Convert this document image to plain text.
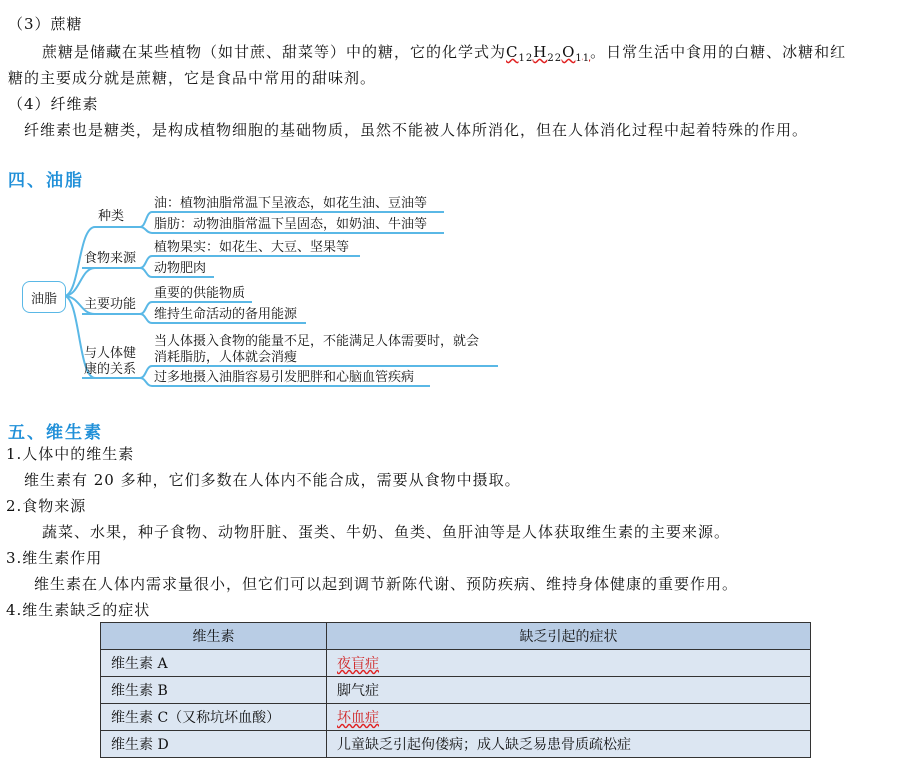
（3）蔗糖
蔗糖是储藏在某些植物（如甘蔗、甜菜等）中的糖，它的化学式为$C_{12}H_{22}O_{11}$。日常生活中食用的白糖、冰糖和红
糖的主要成分就是蔗糖，它是食品中常用的甜味剂。
（4）纤维素
纤维素也是糖类，是构成植物细胞的基础物质，虽然不能被人体所消化，但在人体消化过程中起着特殊的作用。
四、油脂
油脂
种类
油：植物油脂常温下呈液态，如花生油、豆油等
脂肪：动物油脂常温下呈固态，如奶油、牛油等
食物来源
植物果实：如花生、大豆、坚果等
动物肥肉
主要功能
重要的供能物质
维持生命活动的备用能源
与人体健
康的关系
当人体摄入食物的能量不足，不能满足人体需要时，就会
消耗脂肪，人体就会消瘦
过多地摄入油脂容易引发肥胖和心脑血管疾病
五、维生素
1.人体中的维生素
维生素有 20 多种，它们多数在人体内不能合成，需要从食物中摄取。
2.食物来源
蔬菜、水果，种子食物、动物肝脏、蛋类、牛奶、鱼类、鱼肝油等是人体获取维生素的主要来源。
3.维生素作用
维生素在人体内需求量很小，但它们可以起到调节新陈代谢、预防疾病、维持身体健康的重要作用。
4.维生素缺乏的症状
维生素	缺乏引起的症状
维生素 A	夜盲症
维生素 B	脚气症
维生素 C（又称坑坏血酸）	坏血症
维生素 D	儿童缺乏引起佝偻病；成人缺乏易患骨质疏松症
